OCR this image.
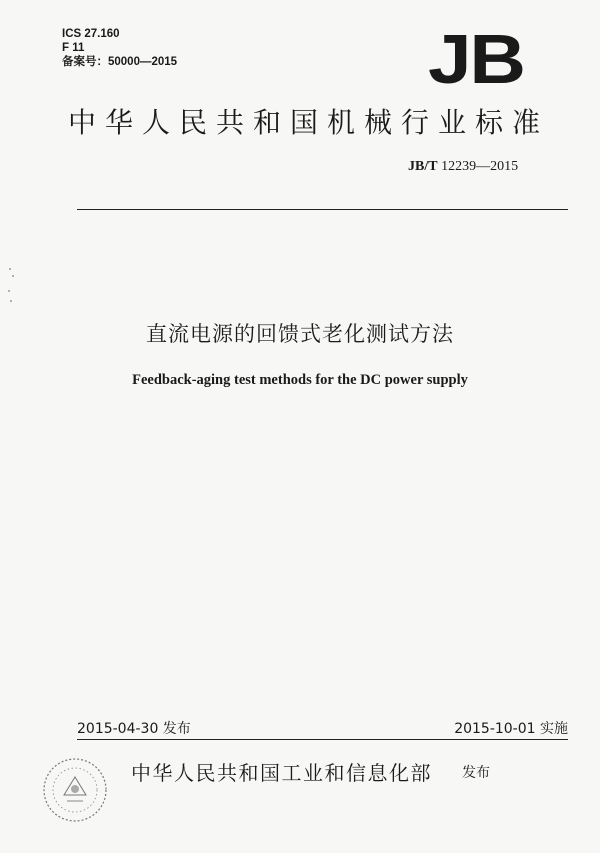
ICS 27.160
F 11
备案号：50000—2015	JB
中华人民共和国机械行业标准
JB/T 12239—2015
直流电源的回馈式老化测试方法
Feedback-aging test methods for the DC power supply
2015-04-30 发布	2015-10-01 实施
中华人民共和国工业和信息化部 发布
